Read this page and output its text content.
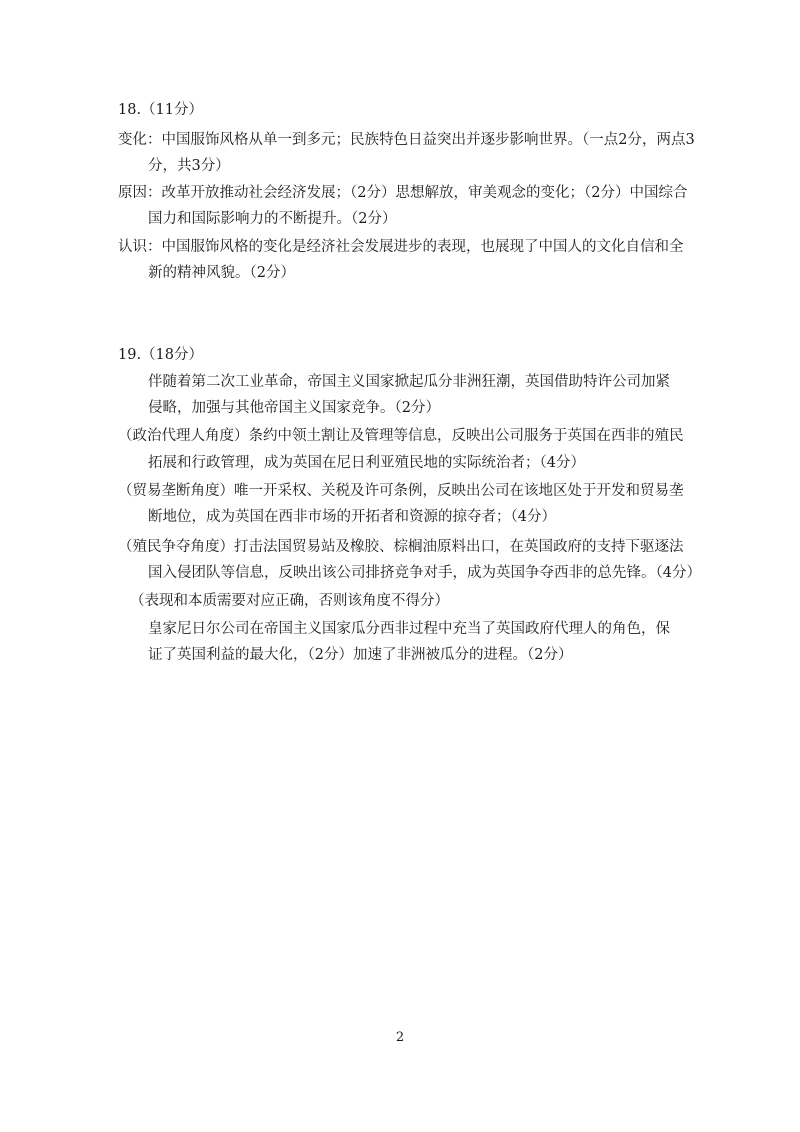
18.（11分）
变化：中国服饰风格从单一到多元；民族特色日益突出并逐步影响世界。（一点2分，两点3
分，共3分）
原因：改革开放推动社会经济发展；（2分）思想解放，审美观念的变化；（2分）中国综合
国力和国际影响力的不断提升。（2分）
认识：中国服饰风格的变化是经济社会发展进步的表现，也展现了中国人的文化自信和全
新的精神风貌。（2分）
19.（18分）
伴随着第二次工业革命，帝国主义国家掀起瓜分非洲狂潮，英国借助特许公司加紧
侵略，加强与其他帝国主义国家竞争。（2分）
（政治代理人角度）条约中领土割让及管理等信息，反映出公司服务于英国在西非的殖民
拓展和行政管理，成为英国在尼日利亚殖民地的实际统治者；（4分）
（贸易垄断角度）唯一开采权、关税及许可条例，反映出公司在该地区处于开发和贸易垄
断地位，成为英国在西非市场的开拓者和资源的掠夺者；（4分）
（殖民争夺角度）打击法国贸易站及橡胶、棕榈油原料出口，在英国政府的支持下驱逐法
国入侵团队等信息，反映出该公司排挤竞争对手，成为英国争夺西非的总先锋。（4分）
（表现和本质需要对应正确，否则该角度不得分）
皇家尼日尔公司在帝国主义国家瓜分西非过程中充当了英国政府代理人的角色，保
证了英国利益的最大化，（2分）加速了非洲被瓜分的进程。（2分）
2
